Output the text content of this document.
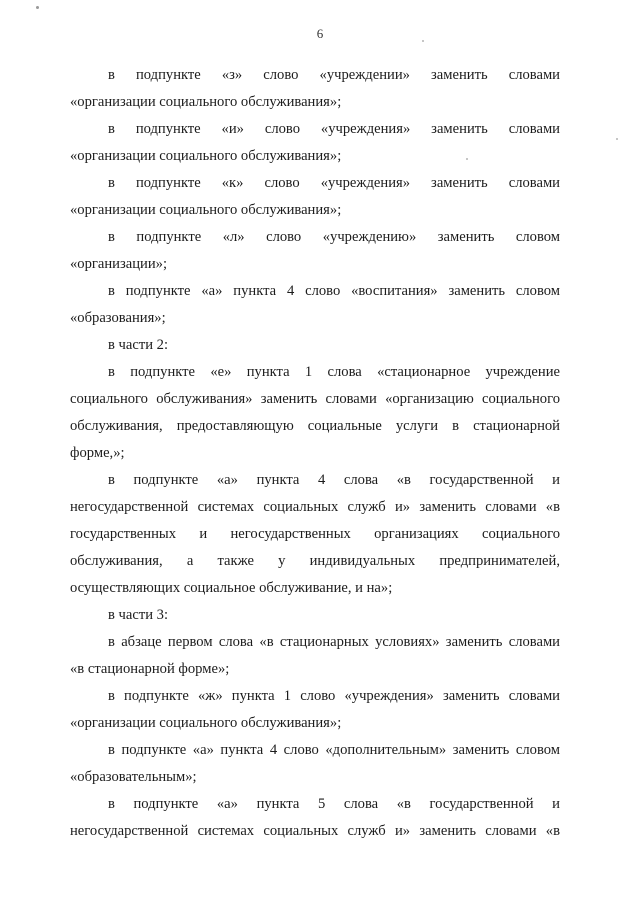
6
в подпункте «з» слово «учреждении» заменить словами
«организации социального обслуживания»;
в подпункте «и» слово «учреждения» заменить словами
«организации социального обслуживания»;
в подпункте «к» слово «учреждения» заменить словами
«организации социального обслуживания»;
в подпункте «л» слово «учреждению» заменить словом
«организации»;
в подпункте «а» пункта 4 слово «воспитания» заменить словом
«образования»;
в части 2:
в подпункте «е» пункта 1 слова «стационарное учреждение
социального обслуживания» заменить словами «организацию социального
обслуживания, предоставляющую социальные услуги в стационарной
форме,»;
в подпункте «а» пункта 4 слова «в государственной и
негосударственной системах социальных служб и» заменить словами «в
государственных и негосударственных организациях социального
обслуживания, а также у индивидуальных предпринимателей,
осуществляющих социальное обслуживание, и на»;
в части 3:
в абзаце первом слова «в стационарных условиях» заменить словами
«в стационарной форме»;
в подпункте «ж» пункта 1 слово «учреждения» заменить словами
«организации социального обслуживания»;
в подпункте «а» пункта 4 слово «дополнительным» заменить словом
«образовательным»;
в подпункте «а» пункта 5 слова «в государственной и
негосударственной системах социальных служб и» заменить словами «в
